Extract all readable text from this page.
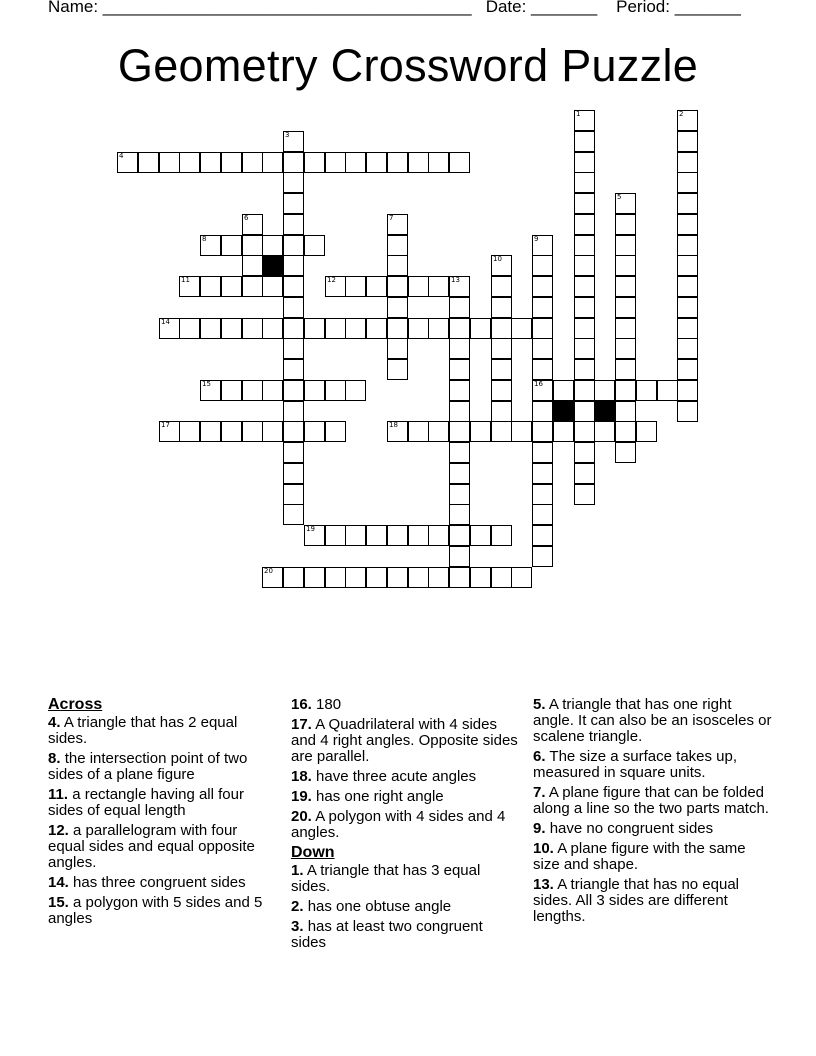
Name: _______________________________________   Date: _______    Period: _______
Geometry Crossword Puzzle
1	2
3
4
5
6	7
8	9
16
10
11	12	13
14
15
17	18
19
20
Across
4. A triangle that has 2 equal sides.
8. the intersection point of two sides of a plane figure
11. a rectangle having all four sides of equal length
12. a parallelogram with four equal sides and equal opposite angles.
14. has three congruent sides
15. a polygon with 5 sides and 5 angles
16. 180
17. A Quadrilateral with 4 sides and 4 right angles. Opposite sides are parallel.
18. have three acute angles
19. has one right angle
20. A polygon with 4 sides and 4 angles.
Down
1. A triangle that has 3 equal sides.
2. has one obtuse angle
3. has at least two congruent sides
5. A triangle that has one right angle. It can also be an isosceles or scalene triangle.
6. The size a surface takes up, measured in square units.
7. A plane figure that can be folded along a line so the two parts match.
9. have no congruent sides
10. A plane figure with the same size and shape.
13. A triangle that has no equal sides. All 3 sides are different lengths.
